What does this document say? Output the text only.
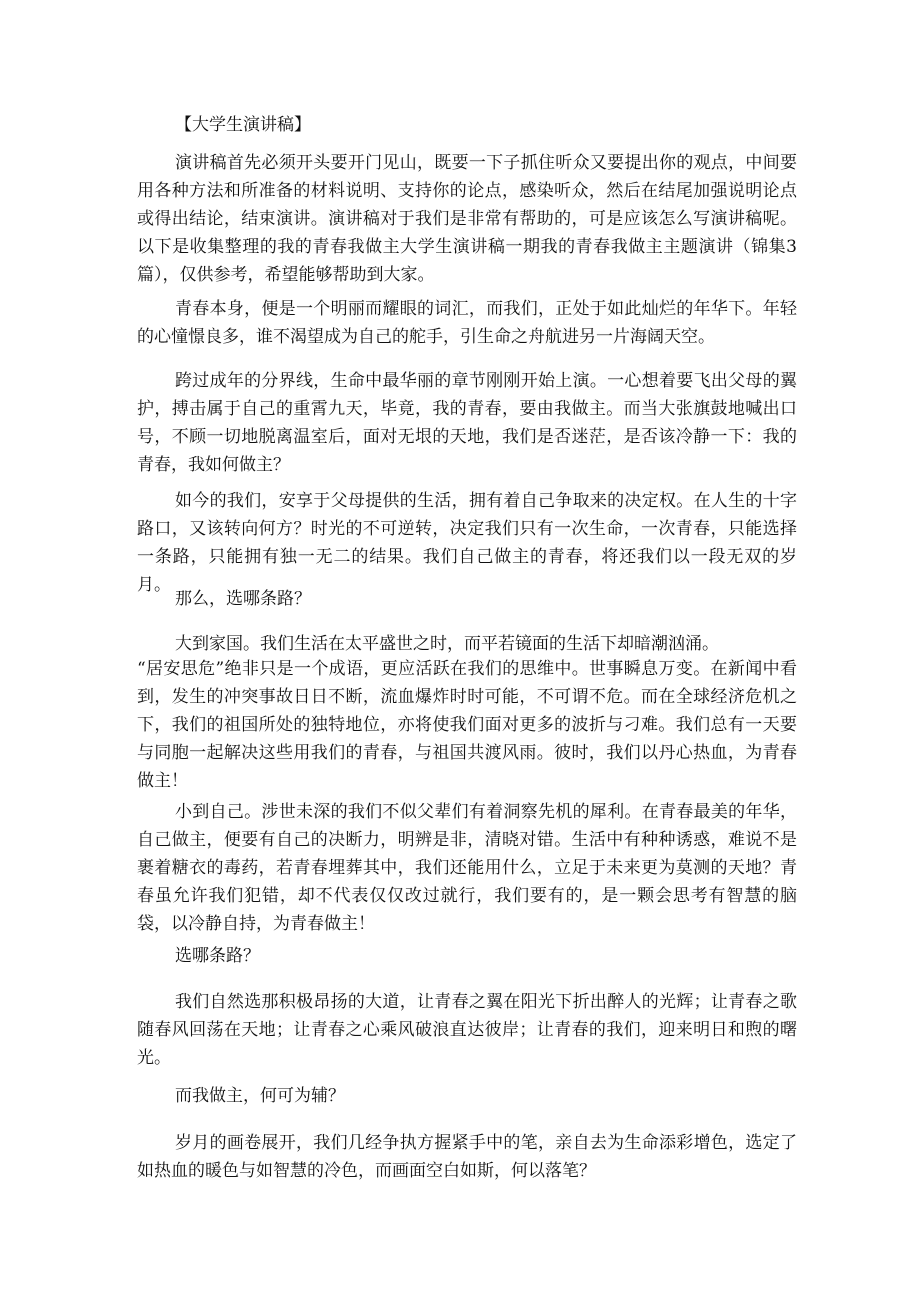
【大学生演讲稿】

演讲稿首先必须开头要开门见山，既要一下子抓住听众又要提出你的观点，中间要用各种方法和所准备的材料说明、支持你的论点，感染听众，然后在结尾加强说明论点或得出结论，结束演讲。演讲稿对于我们是非常有帮助的，可是应该怎么写演讲稿呢。以下是收集整理的我的青春我做主大学生演讲稿一期我的青春我做主主题演讲（锦集3篇），仅供参考，希望能够帮助到大家。

青春本身，便是一个明丽而耀眼的词汇，而我们，正处于如此灿烂的年华下。年轻的心憧憬良多，谁不渴望成为自己的舵手，引生命之舟航进另一片海阔天空。

跨过成年的分界线，生命中最华丽的章节刚刚开始上演。一心想着要飞出父母的翼护，搏击属于自己的重霄九天，毕竟，我的青春，要由我做主。而当大张旗鼓地喊出口号，不顾一切地脱离温室后，面对无垠的天地，我们是否迷茫，是否该冷静一下：我的青春，我如何做主？

如今的我们，安享于父母提供的生活，拥有着自己争取来的决定权。在人生的十字路口，又该转向何方？时光的不可逆转，决定我们只有一次生命，一次青春，只能选择一条路，只能拥有独一无二的结果。我们自己做主的青春，将还我们以一段无双的岁月。

那么，选哪条路？

大到家国。我们生活在太平盛世之时，而平若镜面的生活下却暗潮汹涌。

“居安思危”绝非只是一个成语，更应活跃在我们的思维中。世事瞬息万变。在新闻中看到，发生的冲突事故日日不断，流血爆炸时时可能，不可谓不危。而在全球经济危机之下，我们的祖国所处的独特地位，亦将使我们面对更多的波折与刁难。我们总有一天要与同胞一起解决这些用我们的青春，与祖国共渡风雨。彼时，我们以丹心热血，为青春做主！

小到自己。涉世未深的我们不似父辈们有着洞察先机的犀利。在青春最美的年华，自己做主，便要有自己的决断力，明辨是非，清晓对错。生活中有种种诱惑，难说不是裹着糖衣的毒药，若青春埋葬其中，我们还能用什么，立足于未来更为莫测的天地？青春虽允许我们犯错，却不代表仅仅改过就行，我们要有的，是一颗会思考有智慧的脑袋，以冷静自持，为青春做主！

选哪条路？

我们自然选那积极昂扬的大道，让青春之翼在阳光下折出醉人的光辉；让青春之歌随春风回荡在天地；让青春之心乘风破浪直达彼岸；让青春的我们，迎来明日和煦的曙光。

而我做主，何可为辅？

岁月的画卷展开，我们几经争执方握紧手中的笔，亲自去为生命添彩增色，选定了如热血的暖色与如智慧的冷色，而画面空白如斯，何以落笔？
